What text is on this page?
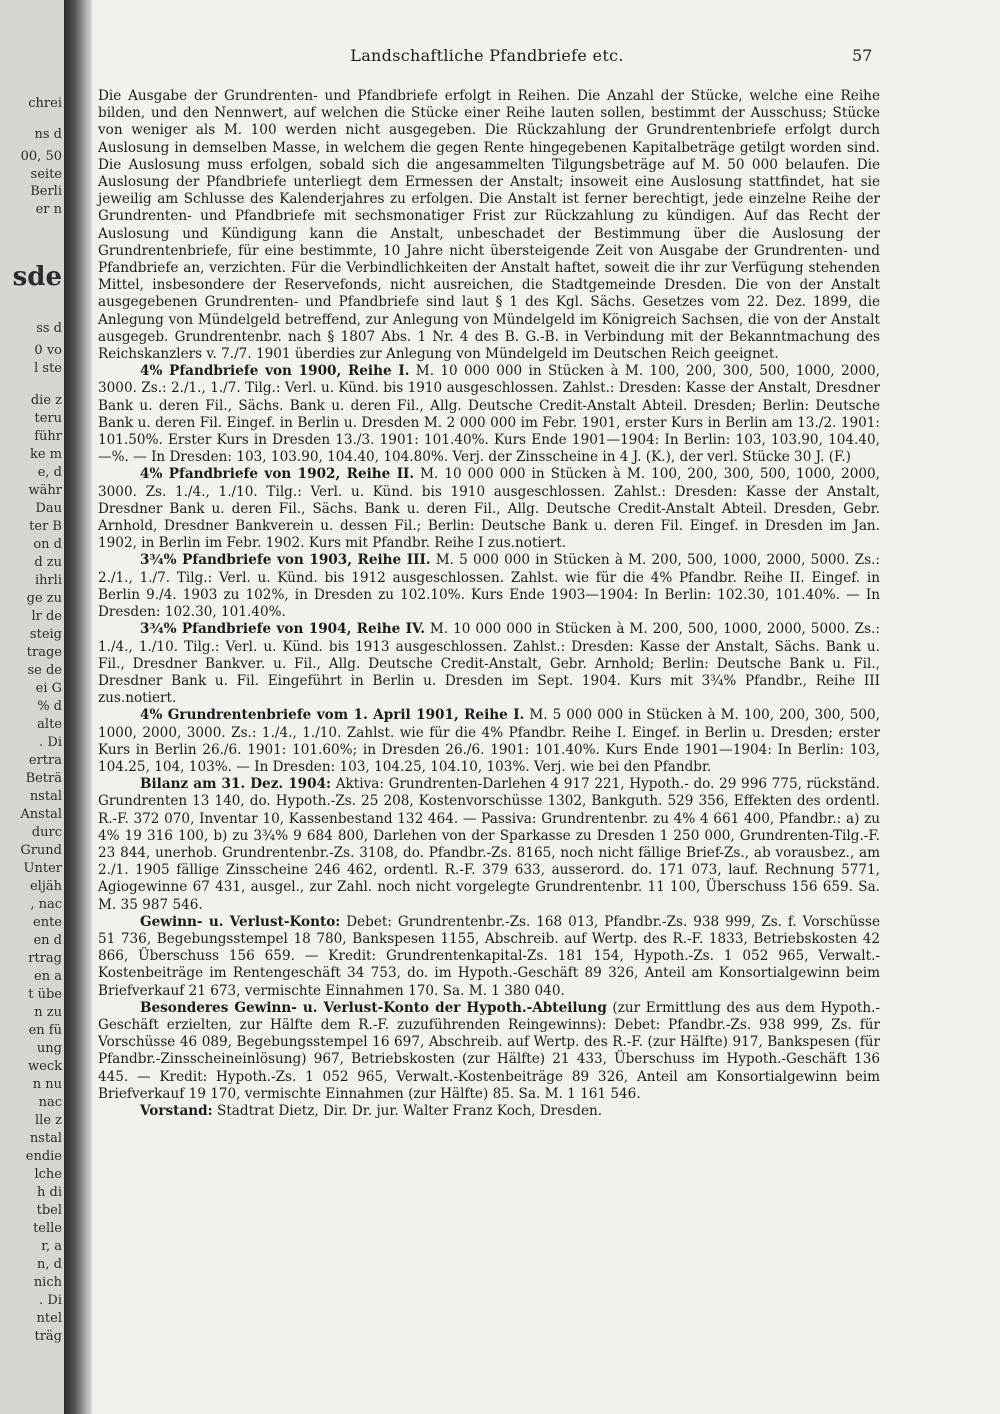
chrei
ns d
00, 50
seite
Berli
er n
sde
ss d
0 vo
l ste
die z
teru
führ
ke m
e, d
währ
Dau
ter B
on d
d zu
ihrli
ge zu
lr de
steig
trage
se de
ei G
% d
alte
. Di
ertra
Beträ
nstal
Anstal
durc
Grund
Unter
eljäh
, nac
ente
en d
rtrag
en a
t übe
n zu
en fü
ung
weck
n nu
nac
lle z
nstal
endie
lche
h di
tbel
telle
r, a
n, d
nich
. Di
ntel
träg
Landschaftliche Pfandbriefe etc.	57

Die Ausgabe der Grundrenten- und Pfandbriefe erfolgt in Reihen. Die Anzahl der Stücke, welche eine Reihe bilden, und den Nennwert, auf welchen die Stücke einer Reihe lauten sollen, bestimmt der Ausschuss; Stücke von weniger als M. 100 werden nicht ausgegeben. Die Rückzahlung der Grundrentenbriefe erfolgt durch Auslosung in demselben Masse, in welchem die gegen Rente hingegebenen Kapitalbeträge getilgt worden sind. Die Auslosung muss erfolgen, sobald sich die angesammelten Tilgungsbeträge auf M. 50 000 belaufen. Die Auslosung der Pfandbriefe unterliegt dem Ermessen der Anstalt; insoweit eine Auslosung stattfindet, hat sie jeweilig am Schlusse des Kalenderjahres zu erfolgen. Die Anstalt ist ferner berechtigt, jede einzelne Reihe der Grundrenten- und Pfandbriefe mit sechsmonatiger Frist zur Rückzahlung zu kündigen. Auf das Recht der Auslosung und Kündigung kann die Anstalt, unbeschadet der Bestimmung über die Auslosung der Grundrentenbriefe, für eine bestimmte, 10 Jahre nicht übersteigende Zeit von Ausgabe der Grundrenten- und Pfandbriefe an, verzichten. Für die Verbindlichkeiten der Anstalt haftet, soweit die ihr zur Verfügung stehenden Mittel, insbesondere der Reservefonds, nicht ausreichen, die Stadtgemeinde Dresden. Die von der Anstalt ausgegebenen Grundrenten- und Pfandbriefe sind laut § 1 des Kgl. Sächs. Gesetzes vom 22. Dez. 1899, die Anlegung von Mündelgeld betreffend, zur Anlegung von Mündelgeld im Königreich Sachsen, die von der Anstalt ausgegeb. Grundrentenbr. nach § 1807 Abs. 1 Nr. 4 des B. G.-B. in Verbindung mit der Bekanntmachung des Reichskanzlers v. 7./7. 1901 überdies zur Anlegung von Mündelgeld im Deutschen Reich geeignet.

4% Pfandbriefe von 1900, Reihe I. M. 10 000 000 in Stücken à M. 100, 200, 300, 500, 1000, 2000, 3000. Zs.: 2./1., 1./7. Tilg.: Verl. u. Künd. bis 1910 ausgeschlossen. Zahlst.: Dresden: Kasse der Anstalt, Dresdner Bank u. deren Fil., Sächs. Bank u. deren Fil., Allg. Deutsche Credit-Anstalt Abteil. Dresden; Berlin: Deutsche Bank u. deren Fil. Eingef. in Berlin u. Dresden M. 2 000 000 im Febr. 1901, erster Kurs in Berlin am 13./2. 1901: 101.50%. Erster Kurs in Dresden 13./3. 1901: 101.40%. Kurs Ende 1901—1904: In Berlin: 103, 103.90, 104.40, —%. — In Dresden: 103, 103.90, 104.40, 104.80%. Verj. der Zinsscheine in 4 J. (K.), der verl. Stücke 30 J. (F.)

4% Pfandbriefe von 1902, Reihe II. M. 10 000 000 in Stücken à M. 100, 200, 300, 500, 1000, 2000, 3000. Zs. 1./4., 1./10. Tilg.: Verl. u. Künd. bis 1910 ausgeschlossen. Zahlst.: Dresden: Kasse der Anstalt, Dresdner Bank u. deren Fil., Sächs. Bank u. deren Fil., Allg. Deutsche Credit-Anstalt Abteil. Dresden, Gebr. Arnhold, Dresdner Bankverein u. dessen Fil.; Berlin: Deutsche Bank u. deren Fil. Eingef. in Dresden im Jan. 1902, in Berlin im Febr. 1902. Kurs mit Pfandbr. Reihe I zus.notiert.

3¾% Pfandbriefe von 1903, Reihe III. M. 5 000 000 in Stücken à M. 200, 500, 1000, 2000, 5000. Zs.: 2./1., 1./7. Tilg.: Verl. u. Künd. bis 1912 ausgeschlossen. Zahlst. wie für die 4% Pfandbr. Reihe II. Eingef. in Berlin 9./4. 1903 zu 102%, in Dresden zu 102.10%. Kurs Ende 1903—1904: In Berlin: 102.30, 101.40%. — In Dresden: 102.30, 101.40%.

3¾% Pfandbriefe von 1904, Reihe IV. M. 10 000 000 in Stücken à M. 200, 500, 1000, 2000, 5000. Zs.: 1./4., 1./10. Tilg.: Verl. u. Künd. bis 1913 ausgeschlossen. Zahlst.: Dresden: Kasse der Anstalt, Sächs. Bank u. Fil., Dresdner Bankver. u. Fil., Allg. Deutsche Credit-Anstalt, Gebr. Arnhold; Berlin: Deutsche Bank u. Fil., Dresdner Bank u. Fil. Eingeführt in Berlin u. Dresden im Sept. 1904. Kurs mit 3¾% Pfandbr., Reihe III zus.notiert.

4% Grundrentenbriefe vom 1. April 1901, Reihe I. M. 5 000 000 in Stücken à M. 100, 200, 300, 500, 1000, 2000, 3000. Zs.: 1./4., 1./10. Zahlst. wie für die 4% Pfandbr. Reihe I. Eingef. in Berlin u. Dresden; erster Kurs in Berlin 26./6. 1901: 101.60%; in Dresden 26./6. 1901: 101.40%. Kurs Ende 1901—1904: In Berlin: 103, 104.25, 104, 103%. — In Dresden: 103, 104.25, 104.10, 103%. Verj. wie bei den Pfandbr.

Bilanz am 31. Dez. 1904: Aktiva: Grundrenten-Darlehen 4 917 221, Hypoth.- do. 29 996 775, rückständ. Grundrenten 13 140, do. Hypoth.-Zs. 25 208, Kostenvorschüsse 1302, Bankguth. 529 356, Effekten des ordentl. R.-F. 372 070, Inventar 10, Kassenbestand 132 464. — Passiva: Grundrentenbr. zu 4% 4 661 400, Pfandbr.: a) zu 4% 19 316 100, b) zu 3¾% 9 684 800, Darlehen von der Sparkasse zu Dresden 1 250 000, Grundrenten-Tilg.-F. 23 844, unerhob. Grundrentenbr.-Zs. 3108, do. Pfandbr.-Zs. 8165, noch nicht fällige Brief-Zs., ab vorausbez., am 2./1. 1905 fällige Zinsscheine 246 462, ordentl. R.-F. 379 633, ausserord. do. 171 073, lauf. Rechnung 5771, Agiogewinne 67 431, ausgel., zur Zahl. noch nicht vorgelegte Grundrentenbr. 11 100, Überschuss 156 659. Sa. M. 35 987 546.

Gewinn- u. Verlust-Konto: Debet: Grundrentenbr.-Zs. 168 013, Pfandbr.-Zs. 938 999, Zs. f. Vorschüsse 51 736, Begebungsstempel 18 780, Bankspesen 1155, Abschreib. auf Wertp. des R.-F. 1833, Betriebskosten 42 866, Überschuss 156 659. — Kredit: Grundrentenkapital-Zs. 181 154, Hypoth.-Zs. 1 052 965, Verwalt.-Kostenbeiträge im Rentengeschäft 34 753, do. im Hypoth.-Geschäft 89 326, Anteil am Konsortialgewinn beim Briefverkauf 21 673, vermischte Einnahmen 170. Sa. M. 1 380 040.

Besonderes Gewinn- u. Verlust-Konto der Hypoth.-Abteilung (zur Ermittlung des aus dem Hypoth.-Geschäft erzielten, zur Hälfte dem R.-F. zuzuführenden Reingewinns): Debet: Pfandbr.-Zs. 938 999, Zs. für Vorschüsse 46 089, Begebungsstempel 16 697, Abschreib. auf Wertp. des R.-F. (zur Hälfte) 917, Bankspesen (für Pfandbr.-Zinsscheineinlösung) 967, Betriebskosten (zur Hälfte) 21 433, Überschuss im Hypoth.-Geschäft 136 445. — Kredit: Hypoth.-Zs. 1 052 965, Verwalt.-Kostenbeiträge 89 326, Anteil am Konsortialgewinn beim Briefverkauf 19 170, vermischte Einnahmen (zur Hälfte) 85. Sa. M. 1 161 546.

Vorstand: Stadtrat Dietz, Dir. Dr. jur. Walter Franz Koch, Dresden.
